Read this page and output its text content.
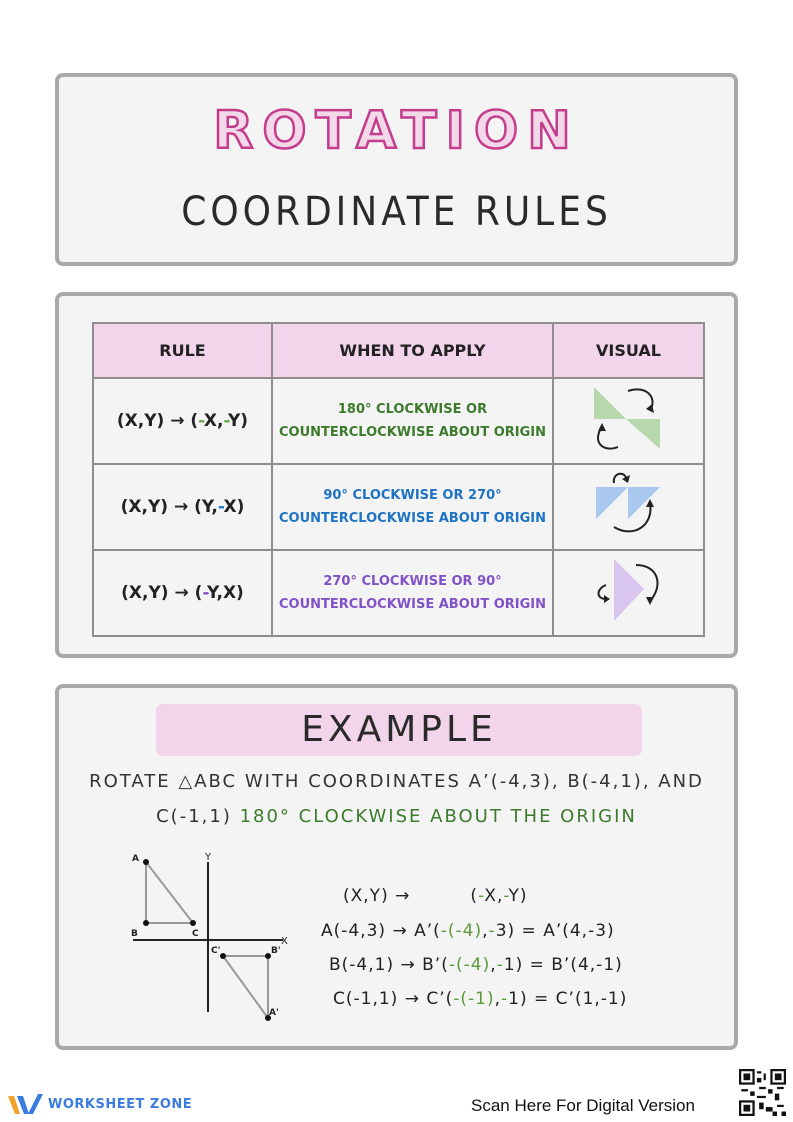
ROTATION
COORDINATE RULES
RULE	WHEN TO APPLY	VISUAL
(X,Y) → (-X,-Y)	180° CLOCKWISE OR
COUNTERCLOCKWISE ABOUT ORIGIN

(X,Y) → (Y,-X)	90° CLOCKWISE OR 270°
COUNTERCLOCKWISE ABOUT ORIGIN

(X,Y) → (-Y,X)	270° CLOCKWISE OR 90°
COUNTERCLOCKWISE ABOUT ORIGIN

EXAMPLE
ROTATE △ABC WITH COORDINATES A’(-4,3), B(-4,1), AND
C(-1,1) 180° CLOCKWISE ABOUT THE ORIGIN
Y
X
A
B	C
C'	B'
A'
(X,Y) →	(-X,-Y)
A(-4,3) → A’(-(-4),-3) = A’(4,-3)
B(-4,1) → B’(-(-4),-1) = B’(4,-1)
C(-1,1) → C’(-(-1),-1) = C’(1,-1)
WORKSHEET ZONE	Scan Here For Digital Version
